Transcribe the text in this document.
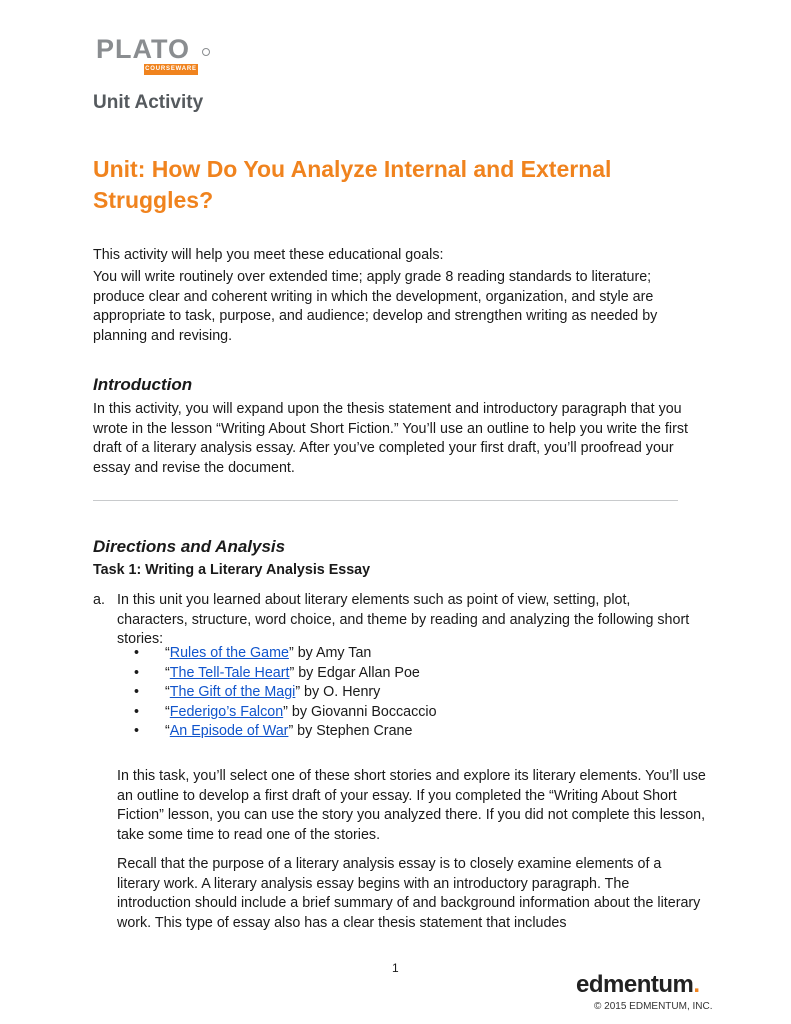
PLATO
COURSEWARE
Unit Activity
Unit: How Do You Analyze Internal and External Struggles?

This activity will help you meet these educational goals:

You will write routinely over extended time; apply grade 8 reading standards to literature; produce clear and coherent writing in which the development, organization, and style are appropriate to task, purpose, and audience; develop and strengthen writing as needed by planning and revising.

Introduction

In this activity, you will expand upon the thesis statement and introductory paragraph that you wrote in the lesson “Writing About Short Fiction.” You’ll use an outline to help you write the first draft of a literary analysis essay. After you’ve completed your first draft, you’ll proofread your essay and revise the document.

Directions and Analysis
Task 1: Writing a Literary Analysis Essay
a. In this unit you learned about literary elements such as point of view, setting, plot, characters, structure, word choice, and theme by reading and analyzing the following short stories:

• “Rules of the Game” by Amy Tan
• “The Tell-Tale Heart” by Edgar Allan Poe
• “The Gift of the Magi” by O. Henry
• “Federigo’s Falcon” by Giovanni Boccaccio
• “An Episode of War” by Stephen Crane

In this task, you’ll select one of these short stories and explore its literary elements. You’ll use an outline to develop a first draft of your essay. If you completed the “Writing About Short Fiction” lesson, you can use the story you analyzed there. If you did not complete this lesson, take some time to read one of the stories.

Recall that the purpose of a literary analysis essay is to closely examine elements of a literary work. A literary analysis essay begins with an introductory paragraph. The introduction should include a brief summary of and background information about the literary work. This type of essay also has a clear thesis statement that includes

1
edmentum.
© 2015 EDMENTUM, INC.
